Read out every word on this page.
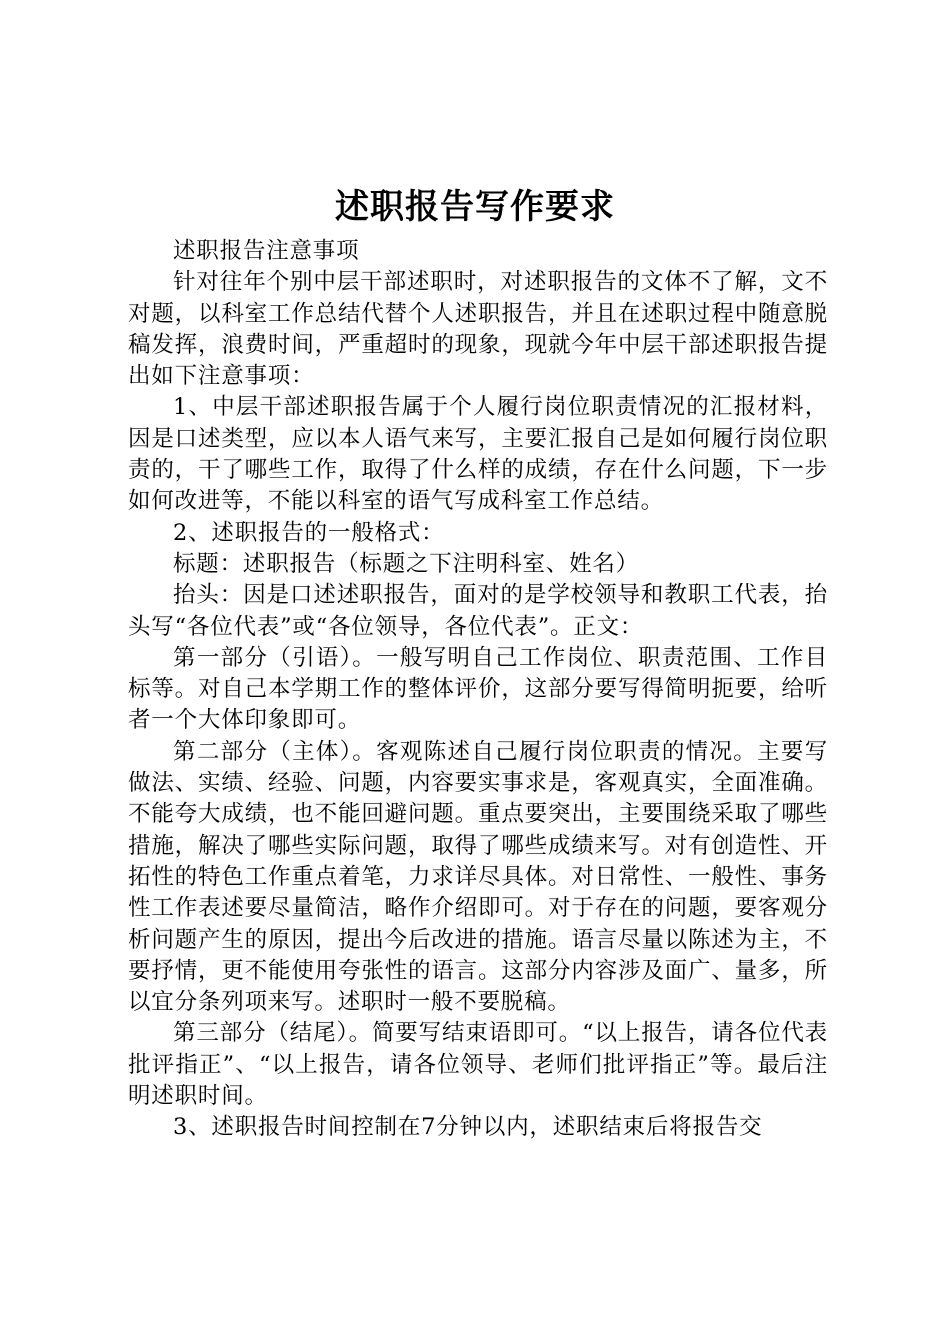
述职报告写作要求

述职报告注意事项

针对往年个别中层干部述职时，对述职报告的文体不了解，文不对题，以科室工作总结代替个人述职报告，并且在述职过程中随意脱稿发挥，浪费时间，严重超时的现象，现就今年中层干部述职报告提出如下注意事项：

1、中层干部述职报告属于个人履行岗位职责情况的汇报材料，因是口述类型，应以本人语气来写，主要汇报自己是如何履行岗位职责的，干了哪些工作，取得了什么样的成绩，存在什么问题，下一步如何改进等，不能以科室的语气写成科室工作总结。

2、述职报告的一般格式：

标题：述职报告（标题之下注明科室、姓名）

抬头：因是口述述职报告，面对的是学校领导和教职工代表，抬头写“各位代表”或“各位领导，各位代表”。正文：

第一部分（引语）。一般写明自己工作岗位、职责范围、工作目标等。对自己本学期工作的整体评价，这部分要写得简明扼要，给听者一个大体印象即可。

第二部分（主体）。客观陈述自己履行岗位职责的情况。主要写做法、实绩、经验、问题，内容要实事求是，客观真实，全面准确。不能夸大成绩，也不能回避问题。重点要突出，主要围绕采取了哪些措施，解决了哪些实际问题，取得了哪些成绩来写。对有创造性、开拓性的特色工作重点着笔，力求详尽具体。对日常性、一般性、事务性工作表述要尽量简洁，略作介绍即可。对于存在的问题，要客观分析问题产生的原因，提出今后改进的措施。语言尽量以陈述为主，不要抒情，更不能使用夸张性的语言。这部分内容涉及面广、量多，所以宜分条列项来写。述职时一般不要脱稿。

第三部分（结尾）。简要写结束语即可。“以上报告，请各位代表批评指正”、“以上报告，请各位领导、老师们批评指正”等。最后注明述职时间。

3、述职报告时间控制在7分钟以内，述职结束后将报告交
